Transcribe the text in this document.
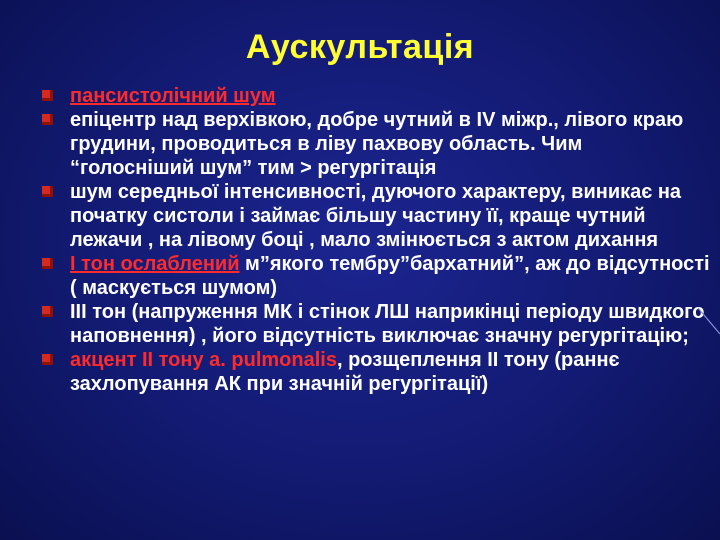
Аускультація
пансистолічний шум
епіцентр над верхівкою, добре чутний в IV міжр., лівого краю грудини, проводиться в ліву пахвову область. Чим “голосніший шум” тим > регургітація
шум середньої інтенсивності, дуючого характеру, виникає на початку систоли і займає більшу частину її, краще чутний лежачи , на лівому боці , мало змінюється з актом дихання
І тон ослаблений м”якого тембру”бархатний”, аж до відсутності ( маскується шумом)
ІІІ тон (напруження МК і стінок ЛШ наприкінці періоду швидкого наповнення) , його відсутність виключає значну регургітацію;
акцент ІІ тону a. pulmonalis, розщеплення ІІ тону (раннє захлопування АК при значній регургітації)
